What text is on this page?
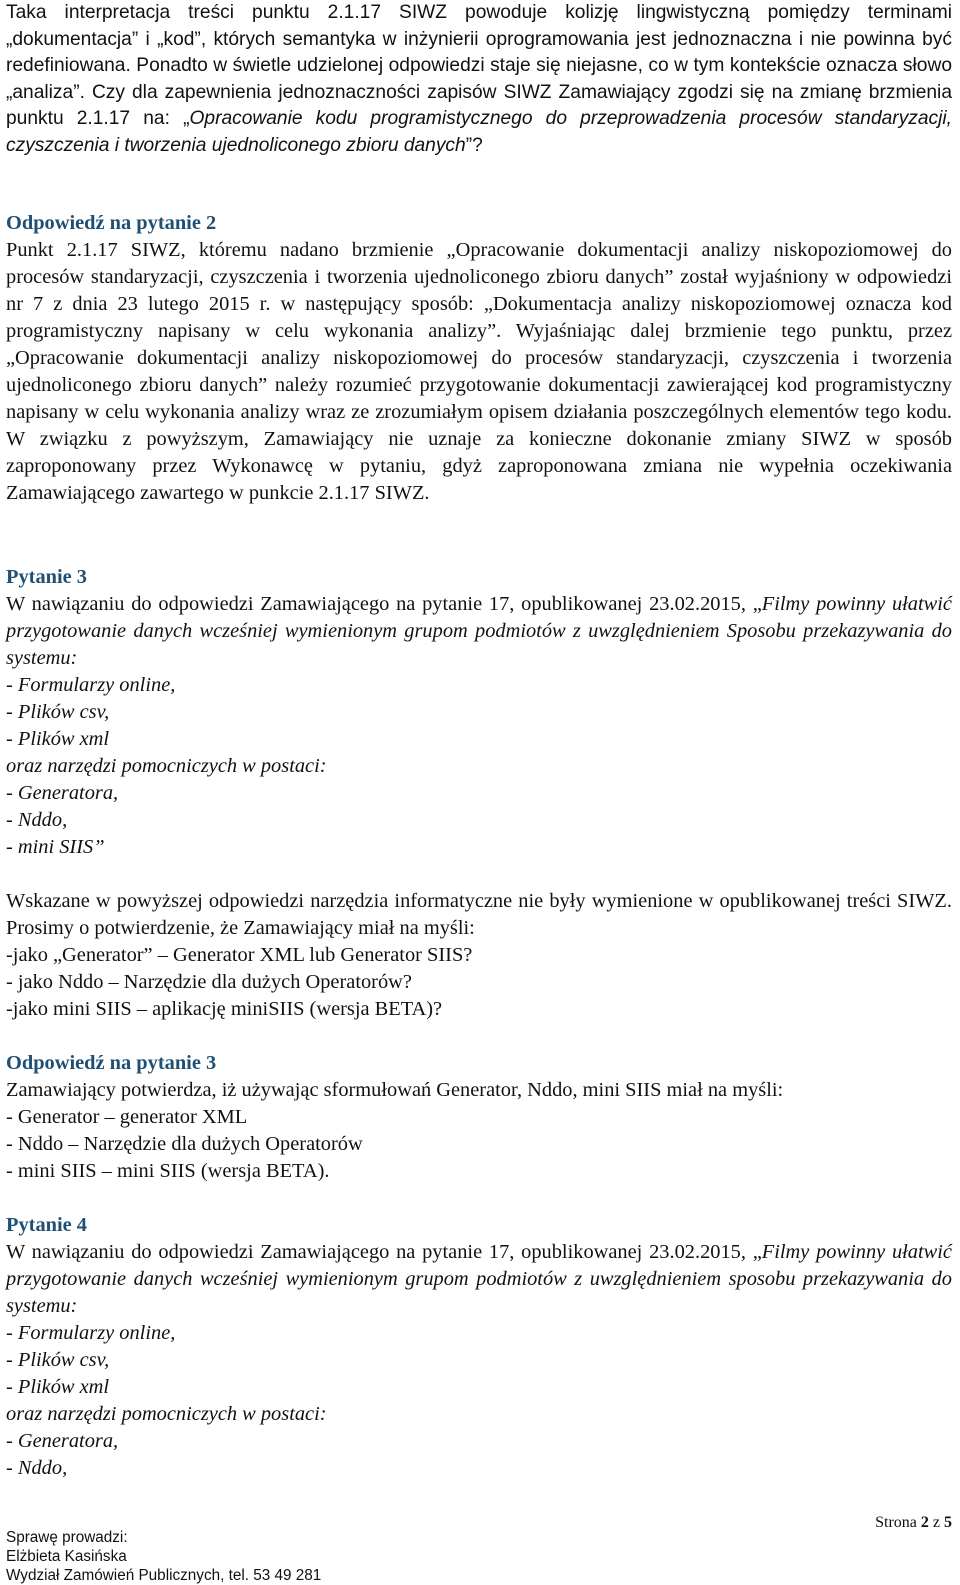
Taka interpretacja treści punktu 2.1.17 SIWZ powoduje kolizję lingwistyczną pomiędzy terminami „dokumentacja” i „kod”, których semantyka w inżynierii oprogramowania jest jednoznaczna i nie powinna być redefiniowana. Ponadto w świetle udzielonej odpowiedzi staje się niejasne, co w tym kontekście oznacza słowo „analiza”. Czy dla zapewnienia jednoznaczności zapisów SIWZ Zamawiający zgodzi się na zmianę brzmienia punktu 2.1.17 na: „Opracowanie kodu programistycznego do przeprowadzenia procesów standaryzacji, czyszczenia i tworzenia ujednoliconego zbioru danych”?
Odpowiedź na pytanie 2
Punkt 2.1.17 SIWZ, któremu nadano brzmienie „Opracowanie dokumentacji analizy niskopoziomowej do procesów standaryzacji, czyszczenia i tworzenia ujednoliconego zbioru danych” został wyjaśniony w odpowiedzi nr 7 z dnia 23 lutego 2015 r. w następujący sposób: „Dokumentacja analizy niskopoziomowej oznacza kod programistyczny napisany w celu wykonania analizy”. Wyjaśniając dalej brzmienie tego punktu, przez „Opracowanie dokumentacji analizy niskopoziomowej do procesów standaryzacji, czyszczenia i tworzenia ujednoliconego zbioru danych” należy rozumieć przygotowanie dokumentacji zawierającej kod programistyczny napisany w celu wykonania analizy wraz ze zrozumiałym opisem działania poszczególnych elementów tego kodu. W związku z powyższym, Zamawiający nie uznaje za konieczne dokonanie zmiany SIWZ w sposób zaproponowany przez Wykonawcę w pytaniu, gdyż zaproponowana zmiana nie wypełnia oczekiwania Zamawiającego zawartego w punkcie 2.1.17 SIWZ.
Pytanie 3
W nawiązaniu do odpowiedzi Zamawiającego na pytanie 17, opublikowanej 23.02.2015, „Filmy powinny ułatwić przygotowanie danych wcześniej wymienionym grupom podmiotów z uwzględnieniem Sposobu przekazywania do systemu:
- Formularzy online,
- Plików csv,
- Plików xml
oraz narzędzi pomocniczych w postaci:
- Generatora,
- Nddo,
- mini SIIS”
Wskazane w powyższej odpowiedzi narzędzia informatyczne nie były wymienione w opublikowanej treści SIWZ. Prosimy o potwierdzenie, że Zamawiający miał na myśli:
-jako „Generator” – Generator XML lub Generator SIIS?
- jako Nddo – Narzędzie dla dużych Operatorów?
-jako mini SIIS – aplikację miniSIIS (wersja BETA)?
Odpowiedź na pytanie 3
Zamawiający potwierdza, iż używając sformułowań Generator, Nddo, mini SIIS miał na myśli:
- Generator – generator XML
- Nddo – Narzędzie dla dużych Operatorów
- mini SIIS – mini SIIS (wersja BETA).
Pytanie 4
W nawiązaniu do odpowiedzi Zamawiającego na pytanie 17, opublikowanej 23.02.2015, „Filmy powinny ułatwić przygotowanie danych wcześniej wymienionym grupom podmiotów z uwzględnieniem sposobu przekazywania do systemu:
- Formularzy online,
- Plików csv,
- Plików xml
oraz narzędzi pomocniczych w postaci:
- Generatora,
- Nddo,
Strona 2 z 5
Sprawę prowadzi:
Elżbieta Kasińska
Wydział Zamówień Publicznych, tel. 53 49 281
